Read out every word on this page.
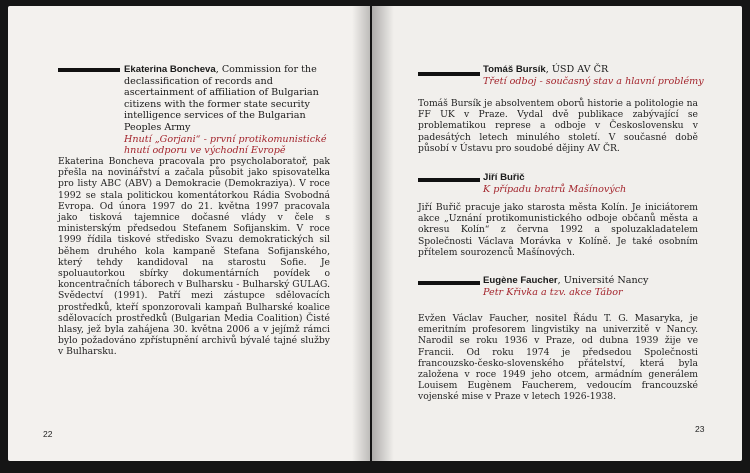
Ekaterina Boncheva, Commission for the declassification of records and ascertainment of affiliation of Bulgarian citizens with the former state security intelligence services of the Bulgarian Peoples Army
Hnutí „Gorjani“ - první protikomunistické hnutí odporu ve východní Evropě
Ekaterina Boncheva pracovala pro psycholaboratoř, pak přešla na novinářství a začala působit jako spisovatelka pro listy ABC (ABV) a Demokracie (Demokraziya). V roce 1992 se stala politickou komentátorkou Rádia Svobodná Evropa. Od února 1997 do 21. května 1997 pracovala jako tisková tajemnice dočasné vlády v čele s ministerským předsedou Stefanem Sofijanskim. V roce 1999 řídila tiskové středisko Svazu demokratických sil během druhého kola kampaně Stefana Sofijanského, který tehdy kandidoval na starostu Sofie. Je spoluautorkou sbírky dokumentárních povídek o koncentračních táborech v Bulharsku - Bulharský GULAG. Svědectví (1991). Patří mezi zástupce sdělovacích prostředků, kteří sponzorovali kampaň Bulharské koalice sdělovacích prostředků (Bulgarian Media Coalition) Čisté hlasy, jež byla zahájena 30. května 2006 a v jejímž rámci bylo požadováno zpřístupnění archivů bývalé tajné služby v Bulharsku.
22
Tomáš Bursík, ÚSD AV ČR
Třetí odboj - současný stav a hlavní problémy
Tomáš Bursík je absolventem oborů historie a politologie na FF UK v Praze. Vydal dvě publikace zabývající se problematikou represe a odboje v Československu v padesátých letech minulého století. V současné době působí v Ústavu pro soudobé dějiny AV ČR.
Jiří Buřič
K případu bratrů Mašínových
Jiří Buřič pracuje jako starosta města Kolín. Je iniciátorem akce „Uznání protikomunistického odboje občanů města a okresu Kolín“ z června 1992 a spoluzakladatelem Společnosti Václava Morávka v Kolíně. Je také osobním přítelem sourozenců Mašínových.
Eugène Faucher, Université Nancy
Petr Křivka a tzv. akce Tábor
Evžen Václav Faucher, nositel Řádu T. G. Masaryka, je emeritním profesorem lingvistiky na univerzitě v Nancy. Narodil se roku 1936 v Praze, od dubna 1939 žije ve Francii. Od roku 1974 je předsedou Společnosti francouzsko-česko-slovenského přátelství, která byla založena v roce 1949 jeho otcem, armádním generálem Louisem Eugènem Faucherem, vedoucím francouzské vojenské mise v Praze v letech 1926-1938.
23
